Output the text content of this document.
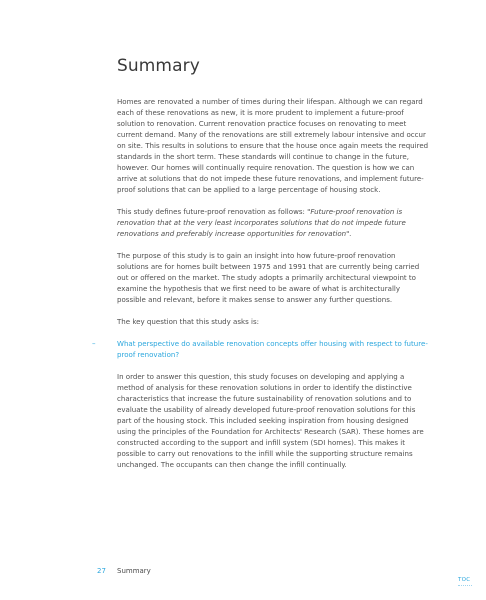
Summary

Homes are renovated a number of times during their lifespan. Although we can regard each of these renovations as new, it is more prudent to implement a future-proof solution to renovation. Current renovation practice focuses on renovating to meet current demand. Many of the renovations are still extremely labour intensive and occur on site. This results in solutions to ensure that the house once again meets the required standards in the short term. These standards will continue to change in the future, however. Our homes will continually require renovation. The question is how we can arrive at solutions that do not impede these future renovations, and implement future-proof solutions that can be applied to a large percentage of housing stock.

This study defines future-proof renovation as follows: "Future-proof renovation is renovation that at the very least incorporates solutions that do not impede future renovations and preferably increase opportunities for renovation".

The purpose of this study is to gain an insight into how future-proof renovation solutions are for homes built between 1975 and 1991 that are currently being carried out or offered on the market. The study adopts a primarily architectural viewpoint to examine the hypothesis that we first need to be aware of what is architecturally possible and relevant, before it makes sense to answer any further questions.

The key question that this study asks is:

–	What perspective do available renovation concepts offer housing with respect to future-proof renovation?

In order to answer this question, this study focuses on developing and applying a method of analysis for these renovation solutions in order to identify the distinctive characteristics that increase the future sustainability of renovation solutions and to evaluate the usability of already developed future-proof renovation solutions for this part of the housing stock. This included seeking inspiration from housing designed using the principles of the Foundation for Architects' Research (SAR). These homes are constructed according to the support and infill system (SDI homes). This makes it possible to carry out renovations to the infill while the supporting structure remains unchanged. The occupants can then change the infill continually.

27 Summary
TOC
